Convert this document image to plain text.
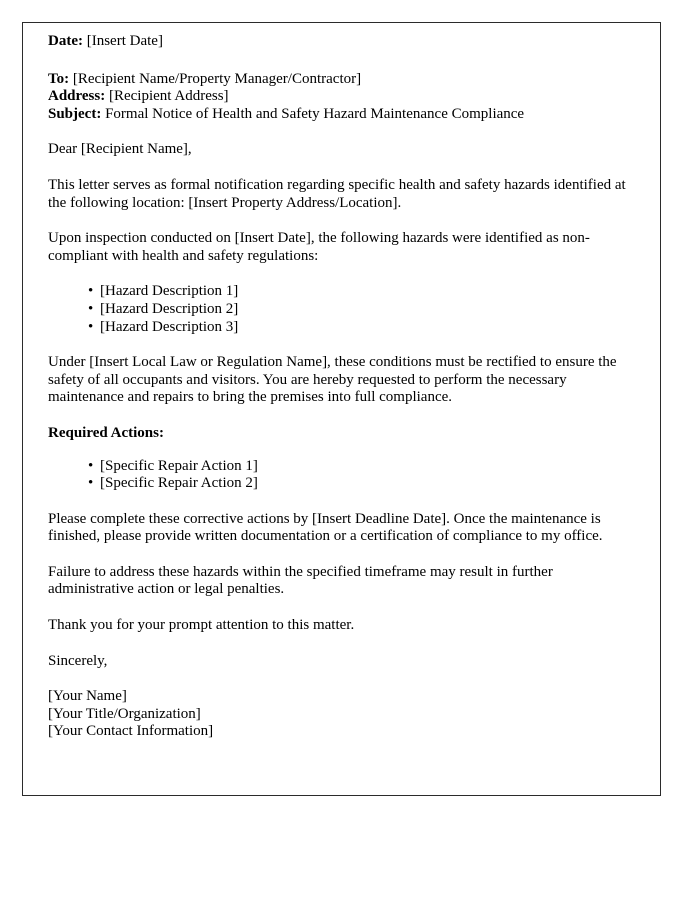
Date: [Insert Date]
To: [Recipient Name/Property Manager/Contractor]
Address: [Recipient Address]
Subject: Formal Notice of Health and Safety Hazard Maintenance Compliance
Dear [Recipient Name],
This letter serves as formal notification regarding specific health and safety hazards identified at the following location: [Insert Property Address/Location].
Upon inspection conducted on [Insert Date], the following hazards were identified as non-compliant with health and safety regulations:
• [Hazard Description 1]
• [Hazard Description 2]
• [Hazard Description 3]
Under [Insert Local Law or Regulation Name], these conditions must be rectified to ensure the safety of all occupants and visitors. You are hereby requested to perform the necessary maintenance and repairs to bring the premises into full compliance.
Required Actions:
• [Specific Repair Action 1]
• [Specific Repair Action 2]
Please complete these corrective actions by [Insert Deadline Date]. Once the maintenance is finished, please provide written documentation or a certification of compliance to my office.
Failure to address these hazards within the specified timeframe may result in further administrative action or legal penalties.
Thank you for your prompt attention to this matter.
Sincerely,
[Your Name]
[Your Title/Organization]
[Your Contact Information]
